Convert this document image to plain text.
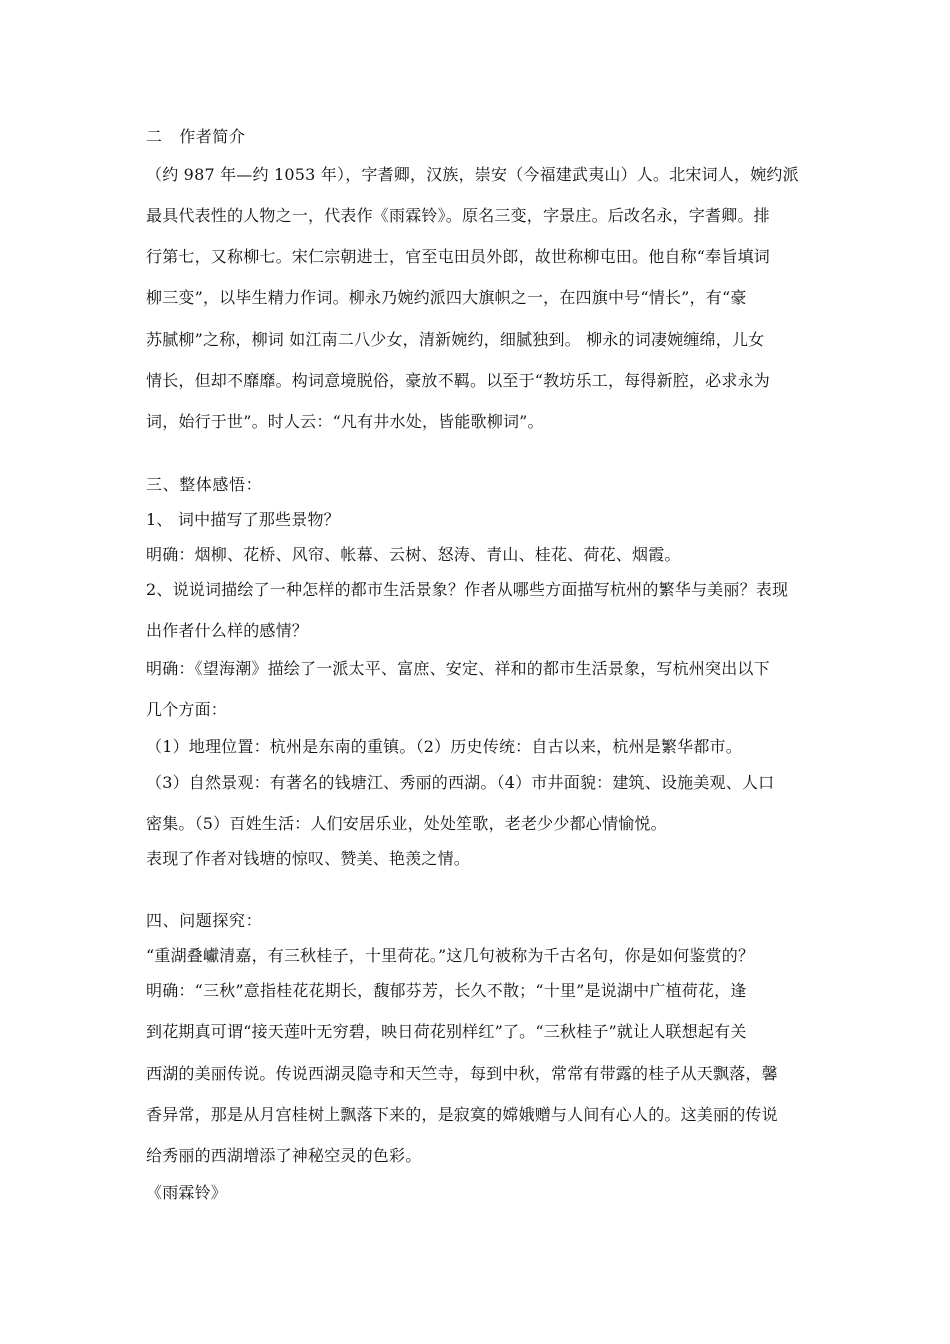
二　作者简介
（约 987 年—约 1053 年），字耆卿，汉族，崇安（今福建武夷山）人。北宋词人，婉约派
最具代表性的人物之一，代表作《雨霖铃》。原名三变，字景庄。后改名永，字耆卿。排
行第七，又称柳七。宋仁宗朝进士，官至屯田员外郎，故世称柳屯田。他自称“奉旨填词
柳三变”，以毕生精力作词。柳永乃婉约派四大旗帜之一，在四旗中号“情长”，有“豪
苏腻柳”之称，柳词 如江南二八少女，清新婉约，细腻独到。 柳永的词凄婉缠绵，儿女
情长，但却不靡靡。构词意境脱俗，豪放不羁。以至于“教坊乐工，每得新腔，必求永为
词，始行于世”。时人云：“凡有井水处，皆能歌柳词”。
三、整体感悟：
1、 词中描写了那些景物？
明确：烟柳、花桥、风帘、帐幕、云树、怒涛、青山、桂花、荷花、烟霞。
2、说说词描绘了一种怎样的都市生活景象？作者从哪些方面描写杭州的繁华与美丽？表现
出作者什么样的感情？
明确：《望海潮》描绘了一派太平、富庶、安定、祥和的都市生活景象，写杭州突出以下
几个方面：
（1）地理位置：杭州是东南的重镇。（2）历史传统：自古以来，杭州是繁华都市。
（3）自然景观：有著名的钱塘江、秀丽的西湖。（4）市井面貌：建筑、设施美观、人口
密集。（5）百姓生活：人们安居乐业，处处笙歌，老老少少都心情愉悦。
表现了作者对钱塘的惊叹、赞美、艳羡之情。
四、问题探究：
“重湖叠巘清嘉，有三秋桂子，十里荷花。”这几句被称为千古名句，你是如何鉴赏的？
明确：“三秋”意指桂花花期长，馥郁芬芳，长久不散；“十里”是说湖中广植荷花，逢
到花期真可谓“接天莲叶无穷碧，映日荷花别样红”了。“三秋桂子”就让人联想起有关
西湖的美丽传说。传说西湖灵隐寺和天竺寺，每到中秋，常常有带露的桂子从天飘落，馨
香异常，那是从月宫桂树上飘落下来的，是寂寞的嫦娥赠与人间有心人的。这美丽的传说
给秀丽的西湖增添了神秘空灵的色彩。
《雨霖铃》
